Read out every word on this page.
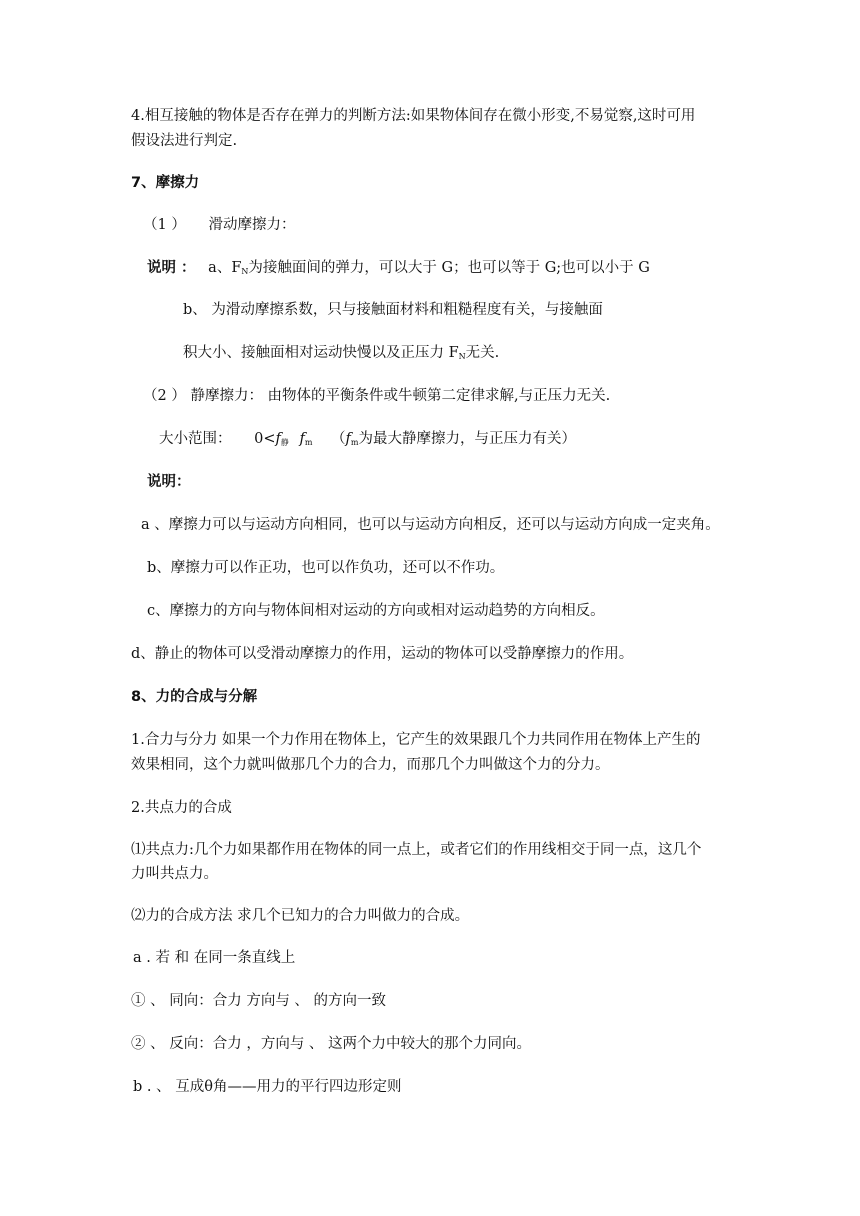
4.相互接触的物体是否存在弹力的判断方法:如果物体间存在微小形变,不易觉察,这时可用
假设法进行判定.
7、摩擦力
（1 ） 滑动摩擦力：
说明 ： a、$F_N$为接触面间的弹力，可以大于 G；也可以等于 G;也可以小于 G
b、 为滑动摩擦系数，只与接触面材料和粗糙程度有关，与接触面
积大小、接触面相对运动快慢以及正压力 $F_N$无关.
（2 ） 静摩擦力： 由物体的平衡条件或牛顿第二定律求解,与正压力无关.
大小范围： $0<f_静$ $f_m$ （$f_m$为最大静摩擦力，与正压力有关）
说明：
a 、摩擦力可以与运动方向相同，也可以与运动方向相反，还可以与运动方向成一定夹角。
b、摩擦力可以作正功，也可以作负功，还可以不作功。
c、摩擦力的方向与物体间相对运动的方向或相对运动趋势的方向相反。
d、静止的物体可以受滑动摩擦力的作用，运动的物体可以受静摩擦力的作用。
8、力的合成与分解
1.合力与分力 如果一个力作用在物体上，它产生的效果跟几个力共同作用在物体上产生的
效果相同，这个力就叫做那几个力的合力，而那几个力叫做这个力的分力。
2.共点力的合成
⑴共点力:几个力如果都作用在物体的同一点上，或者它们的作用线相交于同一点，这几个
力叫共点力。
⑵力的合成方法 求几个已知力的合力叫做力的合成。
a . 若 和 在同一条直线上
① 、 同向：合力 方向与 、 的方向一致
② 、 反向：合力 ，方向与 、 这两个力中较大的那个力同向。
b . 、 互成θ角——用力的平行四边形定则
